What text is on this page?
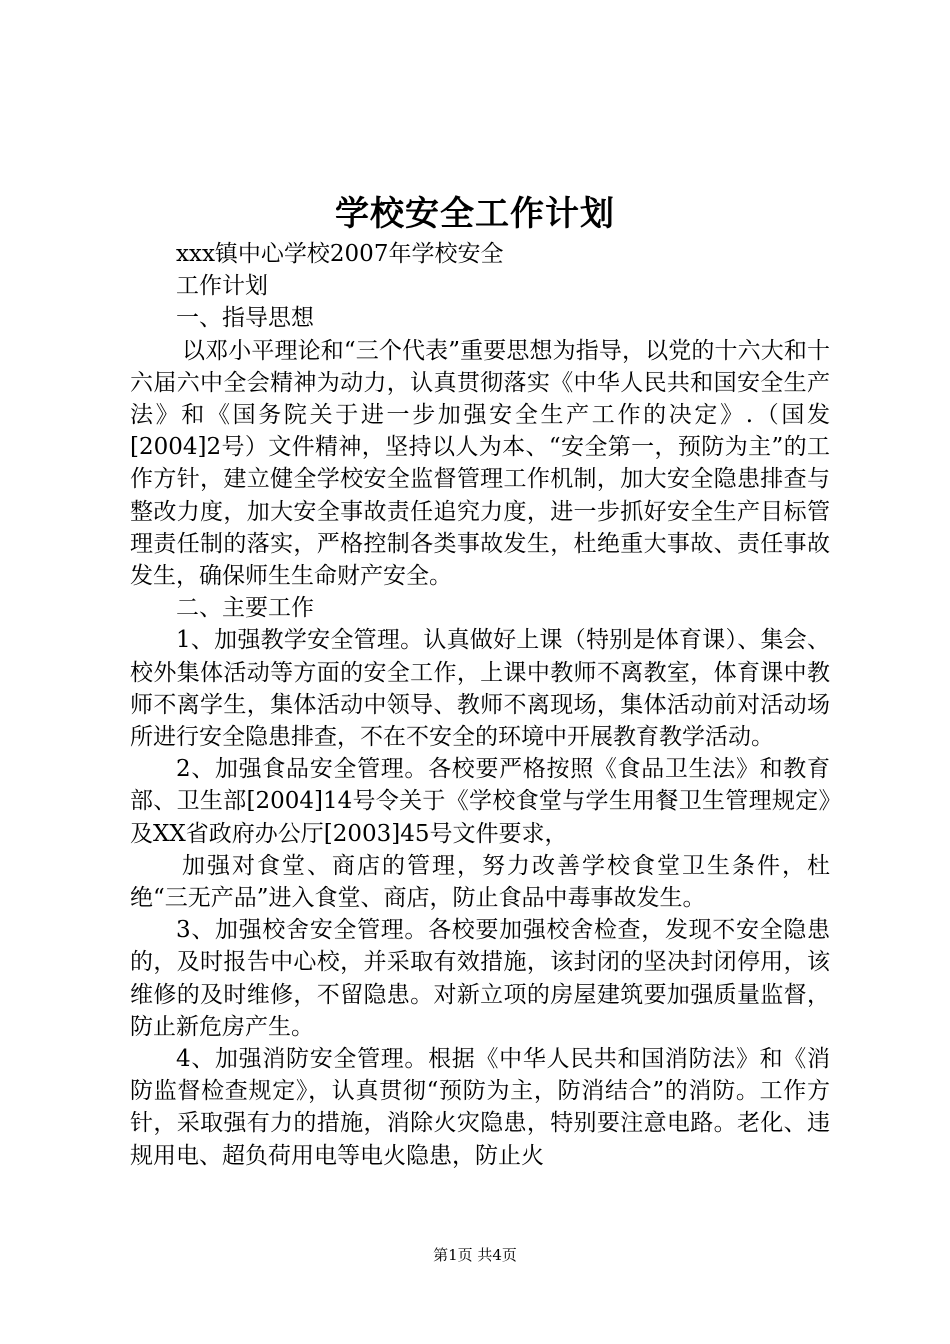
学校安全工作计划

xxx镇中心学校2007年学校安全

工作计划

一、指导思想

以邓小平理论和“三个代表”重要思想为指导，以党的十六大和十六届六中全会精神为动力，认真贯彻落实《中华人民共和国安全生产法》和《国务院关于进一步加强安全生产工作的决定》.（国发[2004]2号）文件精神，坚持以人为本、“安全第一，预防为主”的工作方针，建立健全学校安全监督管理工作机制，加大安全隐患排查与整改力度，加大安全事故责任追究力度，进一步抓好安全生产目标管理责任制的落实，严格控制各类事故发生，杜绝重大事故、责任事故发生，确保师生生命财产安全。

二、主要工作

1、加强教学安全管理。认真做好上课（特别是体育课）、集会、校外集体活动等方面的安全工作，上课中教师不离教室，体育课中教师不离学生，集体活动中领导、教师不离现场，集体活动前对活动场所进行安全隐患排查，不在不安全的环境中开展教育教学活动。

2、加强食品安全管理。各校要严格按照《食品卫生法》和教育部、卫生部[2004]14号令关于《学校食堂与学生用餐卫生管理规定》及XX省政府办公厅[2003]45号文件要求，

加强对食堂、商店的管理，努力改善学校食堂卫生条件，杜绝“三无产品”进入食堂、商店，防止食品中毒事故发生。

3、加强校舍安全管理。各校要加强校舍检查，发现不安全隐患的，及时报告中心校，并采取有效措施，该封闭的坚决封闭停用，该维修的及时维修，不留隐患。对新立项的房屋建筑要加强质量监督，防止新危房产生。

4、加强消防安全管理。根据《中华人民共和国消防法》和《消防监督检查规定》，认真贯彻“预防为主，防消结合”的消防。工作方针，采取强有力的措施，消除火灾隐患，特别要注意电路。老化、违规用电、超负荷用电等电火隐患，防止火

第1页 共4页
